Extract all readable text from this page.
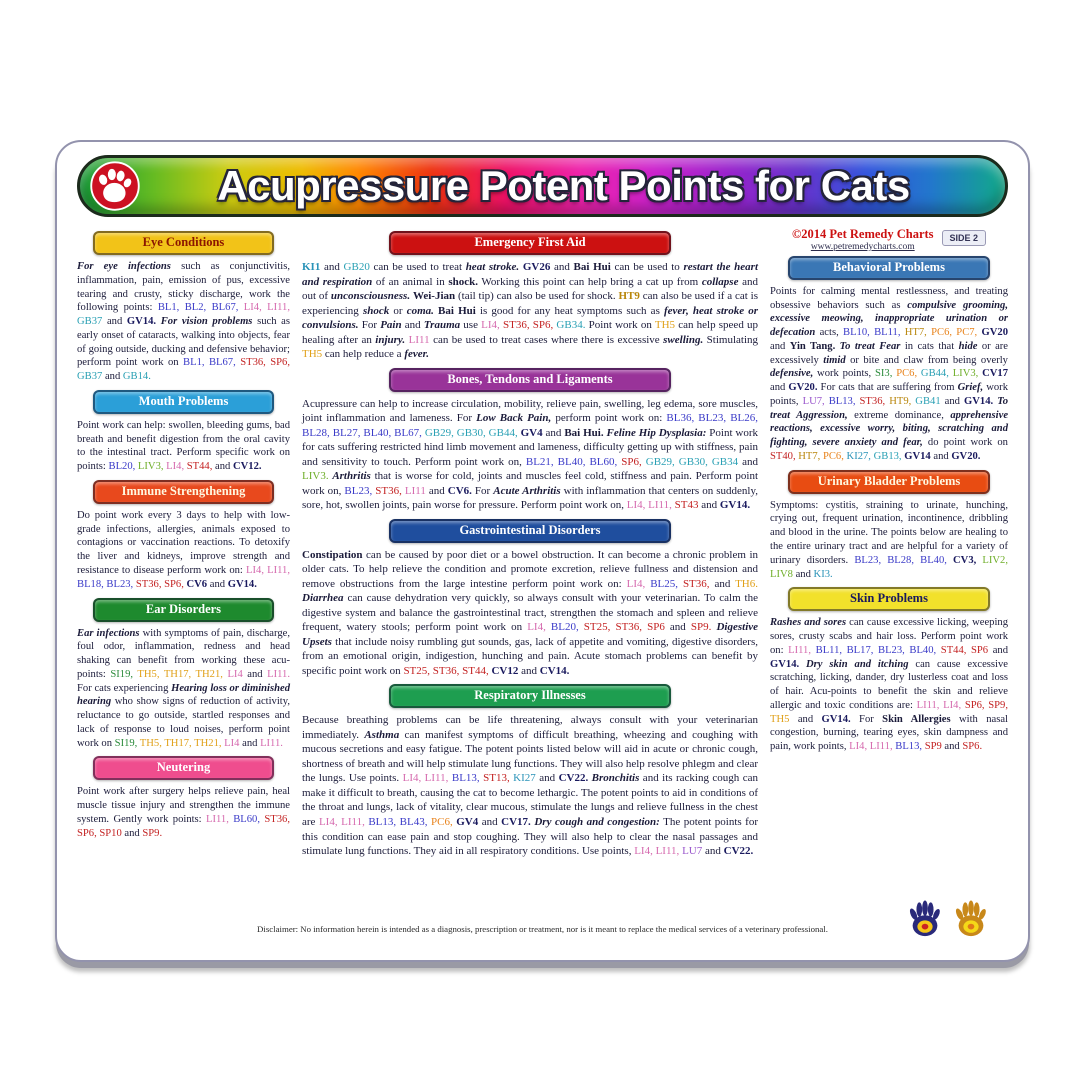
Acupressure Potent Points for Cats
Eye Conditions

For eye infections such as conjunctivitis, inflammation, pain, emission of pus, excessive tearing and crusty, sticky discharge, work the following points: BL1, BL2, BL67, LI4, LI11, GB37 and GV14. For vision problems such as early onset of cataracts, walking into objects, fear of going outside, ducking and defensive behavior; perform point work on BL1, BL67, ST36, SP6, GB37 and GB14.

Mouth Problems

Point work can help: swollen, bleeding gums, bad breath and benefit digestion from the oral cavity to the intestinal tract. Perform specific work on points: BL20, LIV3, LI4, ST44, and CV12.

Immune Strengthening

Do point work every 3 days to help with low-grade infections, allergies, animals exposed to contagions or vaccination reactions. To detoxify the liver and kidneys, improve strength and resistance to disease perform work on: LI4, LI11, BL18, BL23, ST36, SP6, CV6 and GV14.

Ear Disorders

Ear infections with symptoms of pain, discharge, foul odor, inflammation, redness and head shaking can benefit from working these acu-points: SI19, TH5, TH17, TH21, LI4 and LI11. For cats experiencing Hearing loss or diminished hearing who show signs of reduction of activity, reluctance to go outside, startled responses and lack of response to loud noises, perform point work on SI19, TH5, TH17, TH21, LI4 and LI11.

Neutering

Point work after surgery helps relieve pain, heal muscle tissue injury and strengthen the immune system. Gently work points: LI11, BL60, ST36, SP6, SP10 and SP9.

Emergency First Aid

KI1 and GB20 can be used to treat heat stroke. GV26 and Bai Hui can be used to restart the heart and respiration of an animal in shock. Working this point can help bring a cat up from collapse and out of unconsciousness. Wei-Jian (tail tip) can also be used for shock. HT9 can also be used if a cat is experiencing shock or coma. Bai Hui is good for any heat symptoms such as fever, heat stroke or convulsions. For Pain and Trauma use LI4, ST36, SP6, GB34. Point work on TH5 can help speed up healing after an injury. LI11 can be used to treat cases where there is excessive swelling. Stimulating TH5 can help reduce a fever.

Bones, Tendons and Ligaments

Acupressure can help to increase circulation, mobility, relieve pain, swelling, leg edema, sore muscles, joint inflammation and lameness. For Low Back Pain, perform point work on: BL36, BL23, BL26, BL28, BL27, BL40, BL67, GB29, GB30, GB44, GV4 and Bai Hui. Feline Hip Dysplasia: Point work for cats suffering restricted hind limb movement and lameness, difficulty getting up with stiffness, pain and sensitivity to touch. Perform point work on, BL21, BL40, BL60, SP6, GB29, GB30, GB34 and LIV3. Arthritis that is worse for cold, joints and muscles feel cold, stiffness and pain. Perform point work on, BL23, ST36, LI11 and CV6. For Acute Arthritis with inflammation that centers on suddenly, sore, hot, swollen joints, pain worse for pressure. Perform point work on, LI4, LI11, ST43 and GV14.

Gastrointestinal Disorders

Constipation can be caused by poor diet or a bowel obstruction. It can become a chronic problem in older cats. To help relieve the condition and promote excretion, relieve fullness and distension and remove obstructions from the large intestine perform point work on: LI4, BL25, ST36, and TH6. Diarrhea can cause dehydration very quickly, so always consult with your veterinarian. To calm the digestive system and balance the gastrointestinal tract, strengthen the stomach and spleen and relieve frequent, watery stools; perform point work on LI4, BL20, ST25, ST36, SP6 and SP9. Digestive Upsets that include noisy rumbling gut sounds, gas, lack of appetite and vomiting, digestive disorders, from an emotional origin, indigestion, hunching and pain. Acute stomach problems can benefit by specific point work on ST25, ST36, ST44, CV12 and CV14.

Respiratory Illnesses

Because breathing problems can be life threatening, always consult with your veterinarian immediately. Asthma can manifest symptoms of difficult breathing, wheezing and coughing with mucous secretions and easy fatigue. The potent points listed below will aid in acute or chronic cough, shortness of breath and will help stimulate lung functions. They will also help resolve phlegm and clear the lungs. Use points. LI4, LI11, BL13, ST13, KI27 and CV22. Bronchitis and its racking cough can make it difficult to breath, causing the cat to become lethargic. The potent points to aid in conditions of the throat and lungs, lack of vitality, clear mucous, stimulate the lungs and relieve fullness in the chest are LI4, LI11, BL13, BL43, PC6, GV4 and CV17. Dry cough and congestion: The potent points for this condition can ease pain and stop coughing. They will also help to clear the nasal passages and stimulate lung functions. They aid in all respiratory conditions. Use points, LI4, LI11, LU7 and CV22.

©2014 Pet Remedy Charts
www.petremedycharts.com
SIDE 2
Behavioral Problems

Points for calming mental restlessness, and treating obsessive behaviors such as compulsive grooming, excessive meowing, inappropriate urination or defecation acts, BL10, BL11, HT7, PC6, PC7, GV20 and Yin Tang. To treat Fear in cats that hide or are excessively timid or bite and claw from being overly defensive, work points, SI3, PC6, GB44, LIV3, CV17 and GV20. For cats that are suffering from Grief, work points, LU7, BL13, ST36, HT9, GB41 and GV14. To treat Aggression, extreme dominance, apprehensive reactions, excessive worry, biting, scratching and fighting, severe anxiety and fear, do point work on ST40, HT7, PC6, KI27, GB13, GV14 and GV20.

Urinary Bladder Problems

Symptoms: cystitis, straining to urinate, hunching, crying out, frequent urination, incontinence, dribbling and blood in the urine. The points below are healing to the entire urinary tract and are helpful for a variety of urinary disorders. BL23, BL28, BL40, CV3, LIV2, LIV8 and KI3.

Skin Problems

Rashes and sores can cause excessive licking, weeping sores, crusty scabs and hair loss. Perform point work on: LI11, BL11, BL17, BL23, BL40, ST44, SP6 and GV14. Dry skin and itching can cause excessive scratching, licking, dander, dry lusterless coat and loss of hair. Acu-points to benefit the skin and relieve allergic and toxic conditions are: LI11, LI4, SP6, SP9, TH5 and GV14. For Skin Allergies with nasal congestion, burning, tearing eyes, skin dampness and pain, work points, LI4, LI11, BL13, SP9 and SP6.

Disclaimer: No information herein is intended as a diagnosis, prescription or treatment, nor is it meant to replace the medical services of a veterinary professional.
